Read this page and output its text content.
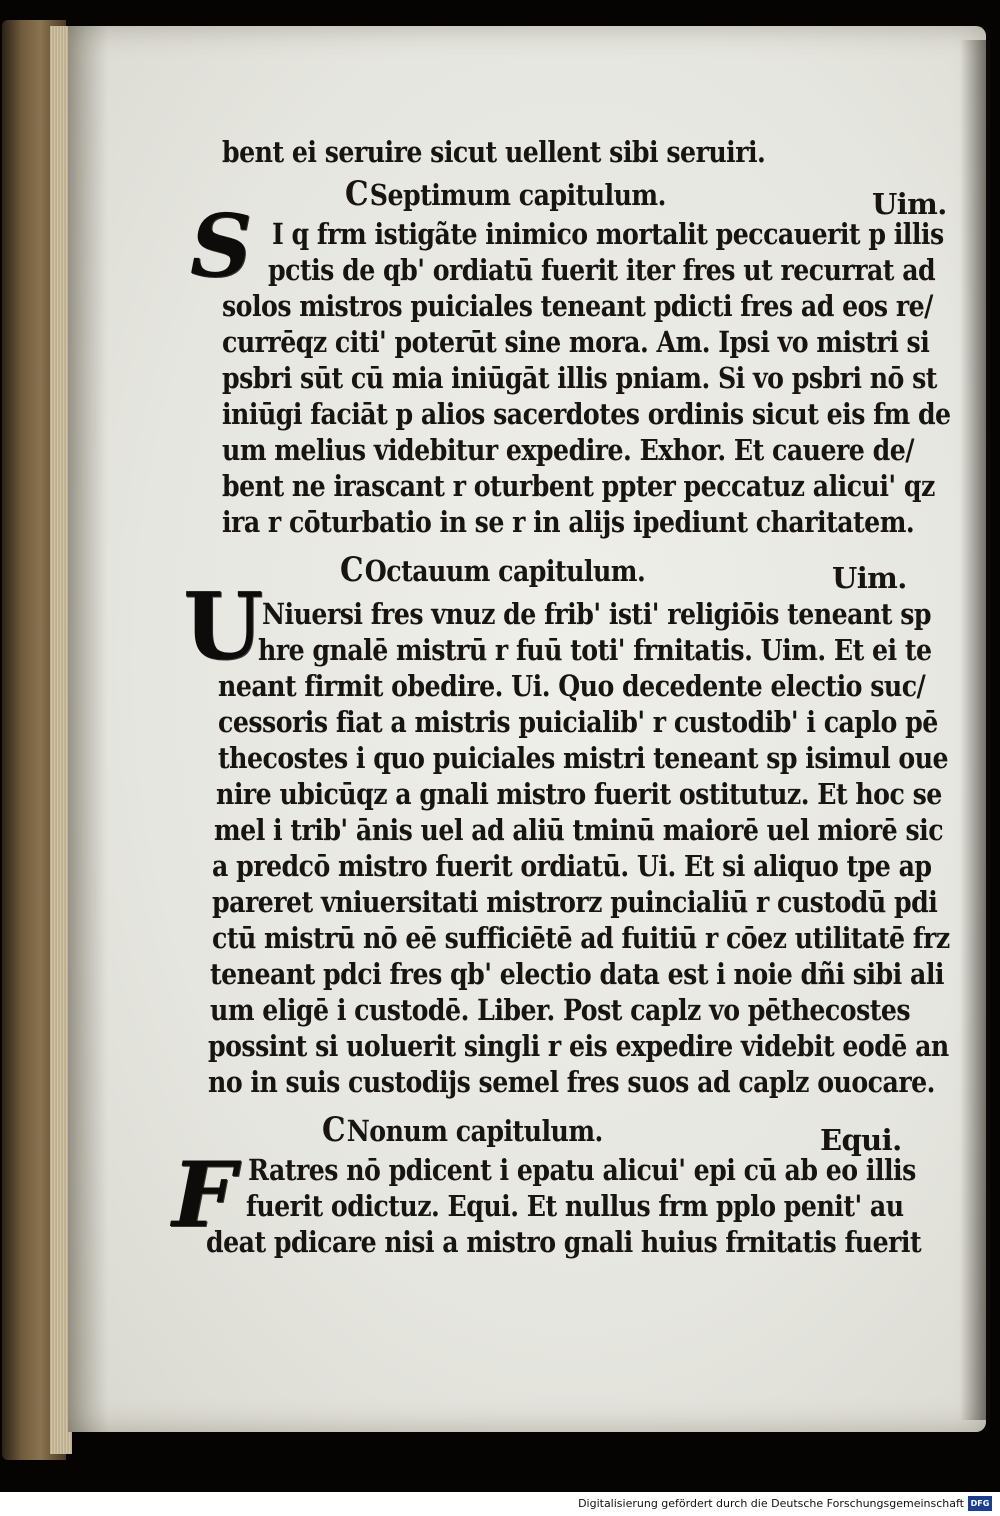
bent ei seruire sicut uellent sibi seruiri.
CSeptimum capitulum.	Uim.
S I q frm istigãte inimico mortalit peccauerit p illis
pctis de qb' ordiatū fuerit iter fres ut recurrat ad
solos mistros puiciales teneant pdicti fres ad eos re/
currēqz citi' poterūt sine mora. Am. Ipsi vo mistri si
psbri sūt cū mia iniūgāt illis pniam. Si vo psbri nō st
iniūgi faciāt p alios sacerdotes ordinis sicut eis fm de
um melius videbitur expedire. Exhor. Et cauere de/
bent ne irascant r oturbent ppter peccatuz alicui' qz
ira r cōturbatio in se r in alijs ipediunt charitatem.
COctauum capitulum.	Uim.
U Niuersi fres vnuz de frib' isti' religiōis teneant sp
hre gnalē mistrū r fuū toti' frnitatis. Uim. Et ei te
neant firmit obedire. Ui. Quo decedente electio suc/
cessoris fiat a mistris puicialib' r custodib' i caplo pē
thecostes i quo puiciales mistri teneant sp isimul oue
nire ubicūqz a gnali mistro fuerit ostitutuz. Et hoc se
mel i trib' ānis uel ad aliū tminū maiorē uel miorē sic
a predcō mistro fuerit ordiatū. Ui. Et si aliquo tpe ap
pareret vniuersitati mistrorz puincialiū r custodū pdi
ctū mistrū nō eē sufficiētē ad fuitiū r cōez utilitatē frz
teneant pdci fres qb' electio data est i noie dñi sibi ali
um eligē i custodē. Liber. Post caplz vo pēthecostes
possint si uoluerit singli r eis expedire videbit eodē an
no in suis custodijs semel fres suos ad caplz ouocare.
CNonum capitulum.	Equi.
F Ratres nō pdicent i epatu alicui' epi cū ab eo illis
fuerit odictuz. Equi. Et nullus frm pplo penit' au
deat pdicare nisi a mistro gnali huius frnitatis fuerit
Digitalisierung gefördert durch die Deutsche Forschungsgemeinschaft DFG
